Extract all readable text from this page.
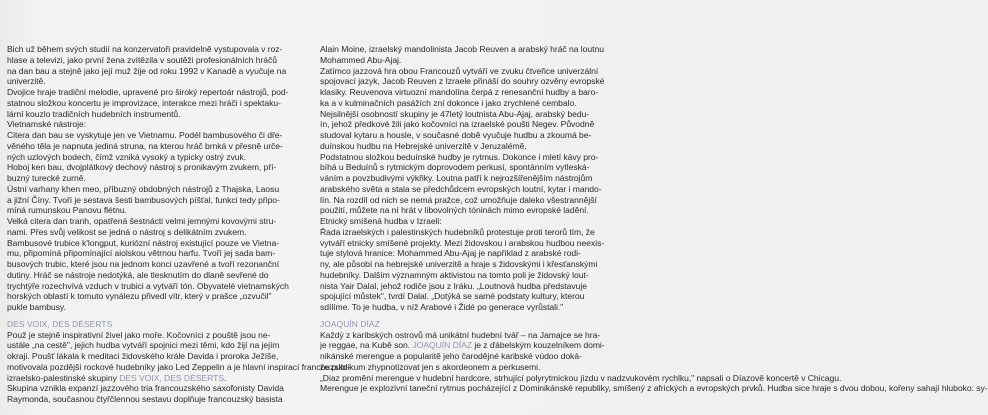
Bich už během svých studií na konzervatoři pravidelně vystupovala v roz-
hlase a televizi, jako první žena zvítězila v soutěži profesionálních hráčů
na dan bau a stejně jako její muž žije od roku 1992 v Kanadě a vyučuje na
univerzitě.
Dvojice hraje tradiční melodie, upravené pro široký repertoár nástrojů, pod-
statnou složkou koncertu je improvizace, interakce mezi hráči i spektaku-
lární kouzlo tradičních hudebních instrumentů.
Vietnamské nástroje:
Citera dan bau se vyskytuje jen ve Vietnamu. Podél bambusového či dře-
věného těla je napnuta jediná struna, na kterou hráč brnká v přesně urče-
ných uzlových bodech, čímž vzniká vysoký a typicky ostrý zvuk.
Hoboj ken bau, dvojplátkový dechový nástroj s pronikavým zvukem, pří-
buzný turecké zurně.
Ústní varhany khen meo, příbuzný obdobných nástrojů z Thajska, Laosu
a jižní Číny. Tvoří je sestava šesti bambusových píšťal, funkci tedy připo-
míná rumunskou Panovu flétnu.
Velká citera dan tranh, opatřená šestnácti velmi jemnými kovovými stru-
nami. Přes svůj velikost se jedná o nástroj s delikátním zvukem.
Bambusové trubice k'longput, kuriózní nástroj existující pouze ve Vietna-
mu, připomíná připomínající aiolskou větrnou harfu. Tvoří jej sada bam-
busových trubic, které jsou na jednom konci uzavřené a tvoří rezonanční
dutiny. Hráč se nástroje nedotýká, ale tlesknutím do dlaně sevřené do
trychtýře rozechvívá vzduch v trubici a vytváří tón. Obyvatelé vietnamských
horských oblastí k tomuto vynálezu přivedl vítr, který v prašce „ozvučil"
pukle bambusy.
DES VOIX, DES DÉSERTS
Použ je stejně inspirativní živel jako moře. Kočovníci z pouště jsou ne-
ustále „na cestě", jejich hudba vytváří spojnici mezi těmi, kdo žijí na jejím
okraji. Poušť lákala k meditaci židovského krále Davida i proroka Ježíše,
motivovala pozdější rockové hudebníky jako Led Zeppelin a je hlavní inspirací francouzsko-
izraelsko-palestinské skupiny DES VOIX, DES DÉSERTS.
Skupina vznikla expanzí jazzového tria francouzského saxofonisty Davida
Raymonda, současnou čtyřčlennou sestavu doplňuje francouzský basista
Alain Moine, izraelský mandolinista Jacob Reuven a arabský hráč na loutnu
Mohammed Abu-Ajaj.
Zatímco jazzová hra obou Francouzů vytváří ve zvuku čtveřice univerzální
spojovací jazyk, Jacob Reuven z Izraele přináší do souhry ozvěny evropské
klasiky. Reuvenova virtuozní mandolína čerpá z renesanční hudby a baro-
ka a v kulminačních pasážích zní dokonce i jako zrychlené cembalo.
Nejsilnější osobností skupiny je 47letý loutnista Abu-Ajaj, arabský bedu-
ín, jehož předkové žili jako kočovníci na izraelské poušti Negev. Původně
studoval kytaru a housle, v současné době vyučuje hudbu a zkoumá be-
duínskou hudbu na Hebrejské univerzitě v Jeruzalémě.
Podstatnou složkou beduínské hudby je rytmus. Dokonce i mletí kávy pro-
bíhá u Beduínů s rytmickým doprovodem perkusí, spontánním vytleská-
váním a povzbudivými výkřiky. Loutna patří k nejrozšířenějším nástrojům
arabského světa a stala se předchůdcem evropských loutní, kytar i mando-
lín. Na rozdíl od nich se nemá pražce, což umožňuje daleko všestrannější
použití, můžete na ní hrát v libovolných tóninách mimo evropské ladění.
Etnický smíšená hudba v Izraeli:
Řada izraelských i palestinských hudebníků protestuje proti terorů tím, že
vytváří etnicky smíšené projekty. Mezi židovskou i arabskou hudbou neexis-
tuje stylová hranice: Mohammed Abu-Ajaj je například z arabské rodi-
ny, ale působí na hebrejské univerzitě a hraje s židovskými i křesťanskými
hudebníky. Dalším významným aktivistou na tomto poli je židovský lout-
nista Yair Dalal, jehož rodiče jsou z Iráku. „Loutnová hudba představuje
spojující můstek", tvrdí Dalal. „Dotýká se samé podstaty kultury, kterou
sdílíme. To je hudba, v níž Arabové i Židé po generace vyrůstali."
JOAQUÍN DÍAZ
Každý z karibských ostrovů má unikátní hudební tvář – na Jamajce se hra-
je reggae, na Kubě son. JOAQUÍN DÍAZ je z ďábelským kouzelníkem domi-
nikánské merengue a popularitě jeho čarodějné karibské vúdoo doká-
že publikum zhypnotizovat jen s akordeonem a perkusemi.
„Diaz promění merengue v hudební hardcore, strhující polyrytmickou jízdu v nadzvukovém rychlku," napsali o Díazově koncertě v Chicagu.
Merengue je explozivní taneční rytmus pocházející z Dominikánské republiky, smíšený z afrických a evropských prvků. Hudba sice hraje s dvou dobou, kořeny sahají hluboko: sy-
